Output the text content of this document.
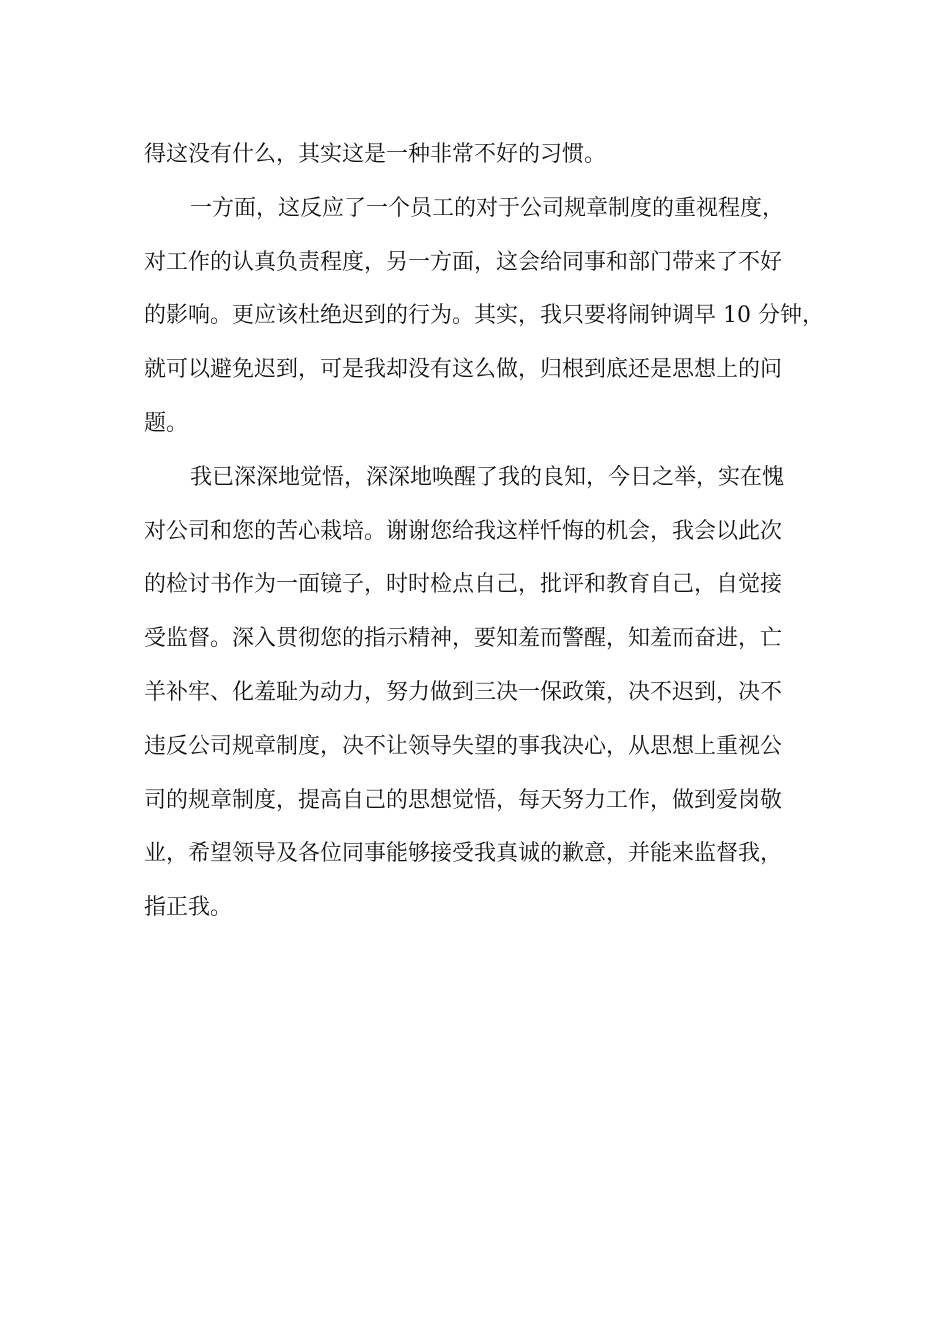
得这没有什么，其实这是一种非常不好的习惯。
一方面，这反应了一个员工的对于公司规章制度的重视程度，
对工作的认真负责程度，另一方面，这会给同事和部门带来了不好
的影响。更应该杜绝迟到的行为。其实，我只要将闹钟调早 10 分钟，
就可以避免迟到，可是我却没有这么做，归根到底还是思想上的问
题。
我已深深地觉悟，深深地唤醒了我的良知，今日之举，实在愧
对公司和您的苦心栽培。谢谢您给我这样忏悔的机会，我会以此次
的检讨书作为一面镜子，时时检点自己，批评和教育自己，自觉接
受监督。深入贯彻您的指示精神，要知羞而警醒，知羞而奋进，亡
羊补牢、化羞耻为动力，努力做到三决一保政策，决不迟到，决不
违反公司规章制度，决不让领导失望的事我决心，从思想上重视公
司的规章制度，提高自己的思想觉悟，每天努力工作，做到爱岗敬
业，希望领导及各位同事能够接受我真诚的歉意，并能来监督我，
指正我。
